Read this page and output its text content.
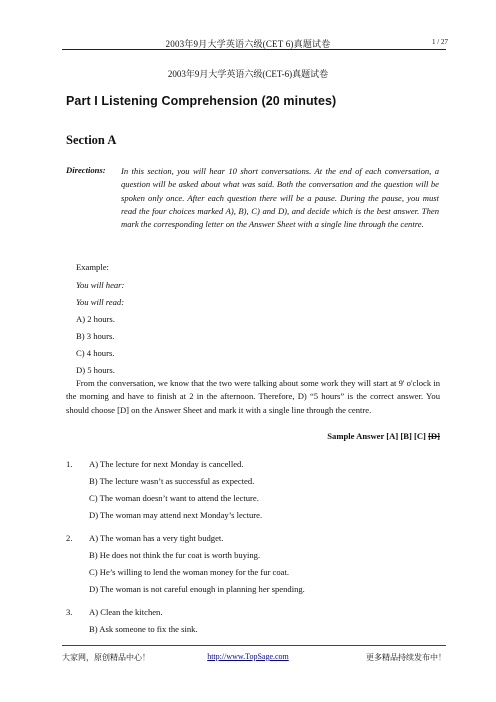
2003年9月大学英语六级(CET 6)真题试卷	1 / 27
2003年9月大学英语六级(CET-6)真题试卷
Part I Listening Comprehension (20 minutes)
Section A
Directions: In this section, you will hear 10 short conversations. At the end of each conversation, a question will be asked about what was said. Both the conversation and the question will be spoken only once. After each question there will be a pause. During the pause, you must read the four choices marked A), B), C) and D), and decide which is the best answer. Then mark the corresponding letter on the Answer Sheet with a single line through the centre.

Example:
You will hear:
You will read:
A) 2 hours.
B) 3 hours.
C) 4 hours.
D) 5 hours.

From the conversation, we know that the two were talking about some work they will start at 9' o'clock in the morning and have to finish at 2 in the afternoon. Therefore, D) “5 hours” is the correct answer. You should choose [D] on the Answer Sheet and mark it with a single line through the centre.

Sample Answer [A] [B] [C] [D]
1. A) The lecture for next Monday is cancelled.
B) The lecture wasn’t as successful as expected.
C) The woman doesn’t want to attend the lecture.
D) The woman may attend next Monday’s lecture.
2. A) The woman has a very tight budget.
B) He does not think the fur coat is worth buying.
C) He’s willing to lend the woman money for the fur coat.
D) The woman is not careful enough in planning her spending.
3. A) Clean the kitchen.
B) Ask someone to fix the sink.
大家网，原创精品中心！	http://www.TopSage.com	更多精品持续发布中！
